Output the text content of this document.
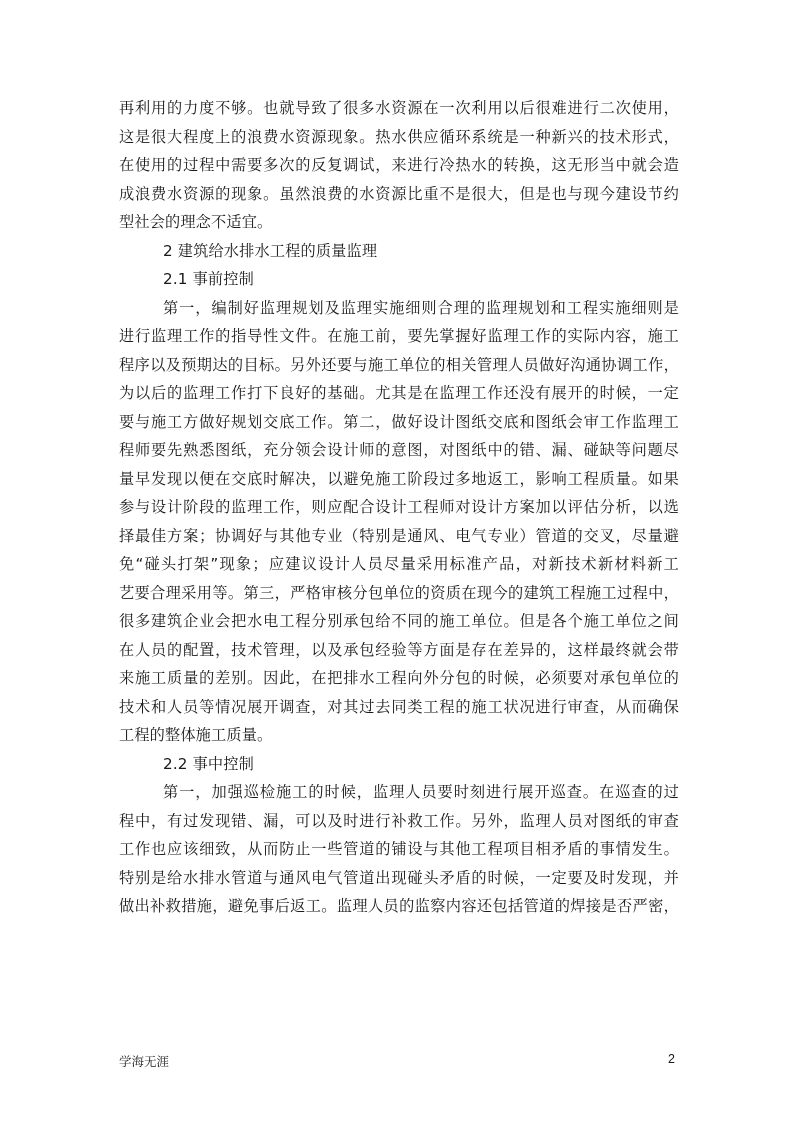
再利用的力度不够。也就导致了很多水资源在一次利用以后很难进行二次使用，
这是很大程度上的浪费水资源现象。热水供应循环系统是一种新兴的技术形式，
在使用的过程中需要多次的反复调试，来进行冷热水的转换，这无形当中就会造
成浪费水资源的现象。虽然浪费的水资源比重不是很大，但是也与现今建设节约
型社会的理念不适宜。
2 建筑给水排水工程的质量监理
2.1 事前控制
第一，编制好监理规划及监理实施细则合理的监理规划和工程实施细则是
进行监理工作的指导性文件。在施工前，要先掌握好监理工作的实际内容，施工
程序以及预期达的目标。另外还要与施工单位的相关管理人员做好沟通协调工作，
为以后的监理工作打下良好的基础。尤其是在监理工作还没有展开的时候，一定
要与施工方做好规划交底工作。第二，做好设计图纸交底和图纸会审工作监理工
程师要先熟悉图纸，充分领会设计师的意图，对图纸中的错、漏、碰缺等问题尽
量早发现以便在交底时解决，以避免施工阶段过多地返工，影响工程质量。如果
参与设计阶段的监理工作，则应配合设计工程师对设计方案加以评估分析，以选
择最佳方案；协调好与其他专业（特别是通风、电气专业）管道的交叉，尽量避
免“碰头打架”现象；应建议设计人员尽量采用标准产品，对新技术新材料新工
艺要合理采用等。第三，严格审核分包单位的资质在现今的建筑工程施工过程中，
很多建筑企业会把水电工程分别承包给不同的施工单位。但是各个施工单位之间
在人员的配置，技术管理，以及承包经验等方面是存在差异的，这样最终就会带
来施工质量的差别。因此，在把排水工程向外分包的时候，必须要对承包单位的
技术和人员等情况展开调查，对其过去同类工程的施工状况进行审查，从而确保
工程的整体施工质量。
2.2 事中控制
第一，加强巡检施工的时候，监理人员要时刻进行展开巡查。在巡查的过
程中，有过发现错、漏，可以及时进行补救工作。另外，监理人员对图纸的审查
工作也应该细致，从而防止一些管道的铺设与其他工程项目相矛盾的事情发生。
特别是给水排水管道与通风电气管道出现碰头矛盾的时候，一定要及时发现，并
做出补救措施，避免事后返工。监理人员的监察内容还包括管道的焊接是否严密，
学海无涯	2
